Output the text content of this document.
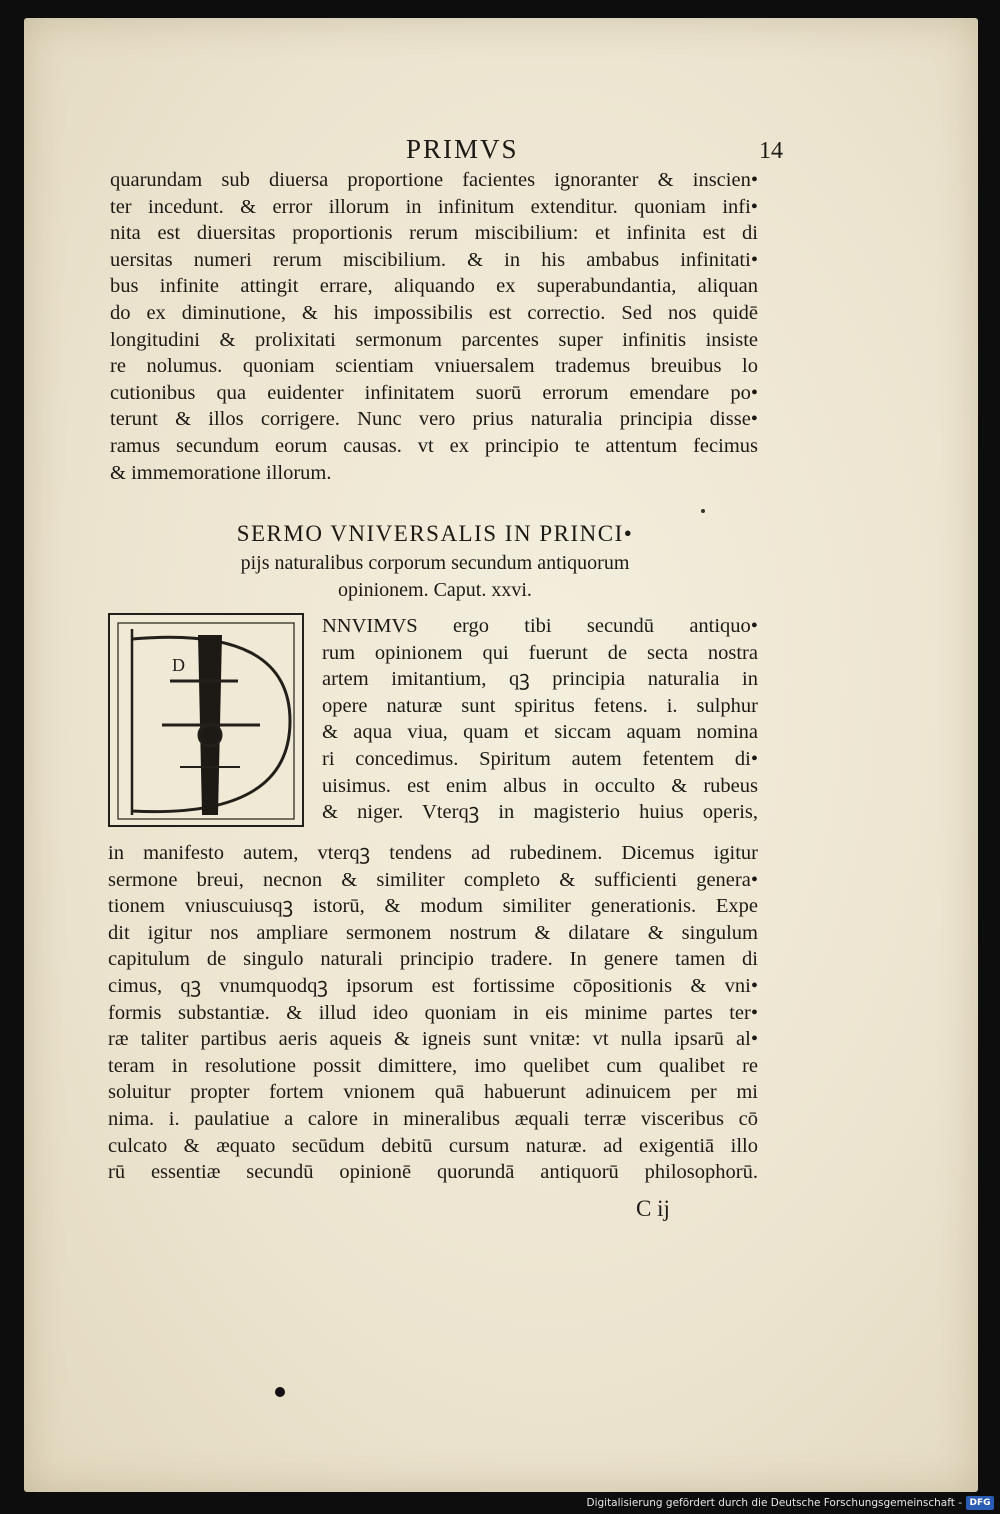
PRIMVS	14
quarundam sub diuersa proportione facientes ignoranter & inscien•
ter incedunt. & error illorum in infinitum extenditur. quoniam infi•
nita est diuersitas proportionis rerum miscibilium: et infinita est di
uersitas numeri rerum miscibilium. & in his ambabus infinitati•
bus infinite attingit errare, aliquando ex superabundantia, aliquan
do ex diminutione, & his impossibilis est correctio. Sed nos quidē
longitudini & prolixitati sermonum parcentes super infinitis insiste
re nolumus. quoniam scientiam vniuersalem trademus breuibus lo
cutionibus qua euidenter infinitatem suorū errorum emendare po•
terunt & illos corrigere. Nunc vero prius naturalia principia disse•
ramus secundum eorum causas. vt ex principio te attentum fecimus
& immemoratione illorum.
SERMO VNIVERSALIS IN PRINCI•
pijs naturalibus corporum secundum antiquorum
opinionem. Caput. xxvi.
D
NNVIMVS ergo tibi secundū antiquo•
rum opinionem qui fuerunt de secta nostra
artem imitantium, qꝫ principia naturalia in
opere naturæ sunt spiritus fetens. i. sulphur
& aqua viua, quam et siccam aquam nomina
ri concedimus. Spiritum autem fetentem di•
uisimus. est enim albus in occulto & rubeus
& niger. Vterqꝫ in magisterio huius operis,
in manifesto autem, vterqꝫ tendens ad rubedinem. Dicemus igitur
sermone breui, necnon & similiter completo & sufficienti genera•
tionem vniuscuiusqꝫ istorū, & modum similiter generationis. Expe
dit igitur nos ampliare sermonem nostrum & dilatare & singulum
capitulum de singulo naturali principio tradere. In genere tamen di
cimus, qꝫ vnumquodqꝫ ipsorum est fortissime cōpositionis & vni•
formis substantiæ. & illud ideo quoniam in eis minime partes ter•
ræ taliter partibus aeris aqueis & igneis sunt vnitæ: vt nulla ipsarū al•
teram in resolutione possit dimittere, imo quelibet cum qualibet re
soluitur propter fortem vnionem quā habuerunt adinuicem per mi
nima. i. paulatiue a calore in mineralibus æquali terræ visceribus cō
culcato & æquato secūdum debitū cursum naturæ. ad exigentiā illo
rū essentiæ secundū opinionē quorundā antiquorū philosophorū.
C ij
Digitalisierung gefördert durch die Deutsche Forschungsgemeinschaft - DFG
